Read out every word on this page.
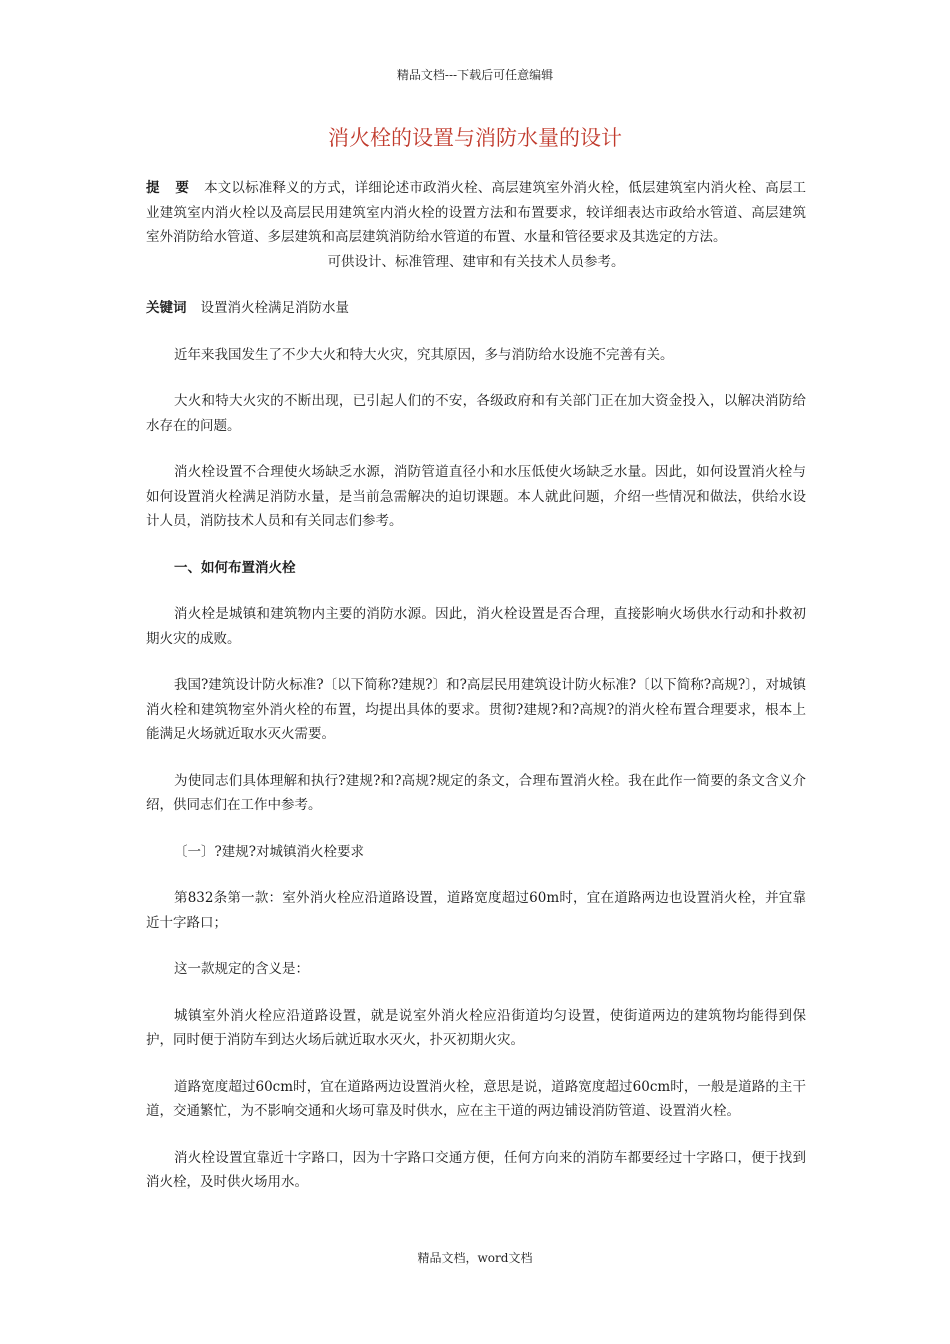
精品文档---下载后可任意编辑
消火栓的设置与消防水量的设计

提　要 本文以标准释义的方式，详细论述市政消火栓、高层建筑室外消火栓，低层建筑室内消火栓、高层工业建筑室内消火栓以及高层民用建筑室内消火栓的设置方法和布置要求，较详细表达市政给水管道、高层建筑室外消防给水管道、多层建筑和高层建筑消防给水管道的布置、水量和管径要求及其选定的方法。

可供设计、标准管理、建审和有关技术人员参考。

关键词 设置消火栓满足消防水量

近年来我国发生了不少大火和特大火灾，究其原因，多与消防给水设施不完善有关。

大火和特大火灾的不断出现，已引起人们的不安，各级政府和有关部门正在加大资金投入，以解决消防给水存在的问题。

消火栓设置不合理使火场缺乏水源，消防管道直径小和水压低使火场缺乏水量。因此，如何设置消火栓与如何设置消火栓满足消防水量，是当前急需解决的迫切课题。本人就此问题，介绍一些情况和做法，供给水设计人员，消防技术人员和有关同志们参考。

一、如何布置消火栓

消火栓是城镇和建筑物内主要的消防水源。因此，消火栓设置是否合理，直接影响火场供水行动和扑救初期火灾的成败。

我国?建筑设计防火标准?〔以下简称?建规?〕和?高层民用建筑设计防火标准?〔以下简称?高规?〕，对城镇消火栓和建筑物室外消火栓的布置，均提出具体的要求。贯彻?建规?和?高规?的消火栓布置合理要求，根本上能满足火场就近取水灭火需要。

为使同志们具体理解和执行?建规?和?高规?规定的条文，合理布置消火栓。我在此作一简要的条文含义介绍，供同志们在工作中参考。

〔一〕?建规?对城镇消火栓要求

第832条第一款：室外消火栓应沿道路设置，道路宽度超过60m时，宜在道路两边也设置消火栓，并宜靠近十字路口；

这一款规定的含义是：

城镇室外消火栓应沿道路设置，就是说室外消火栓应沿街道均匀设置，使街道两边的建筑物均能得到保护，同时便于消防车到达火场后就近取水灭火，扑灭初期火灾。

道路宽度超过60cm时，宜在道路两边设置消火栓，意思是说，道路宽度超过60cm时，一般是道路的主干道，交通繁忙，为不影响交通和火场可靠及时供水，应在主干道的两边铺设消防管道、设置消火栓。

消火栓设置宜靠近十字路口，因为十字路口交通方便，任何方向来的消防车都要经过十字路口，便于找到消火栓，及时供火场用水。

精品文档，word文档
